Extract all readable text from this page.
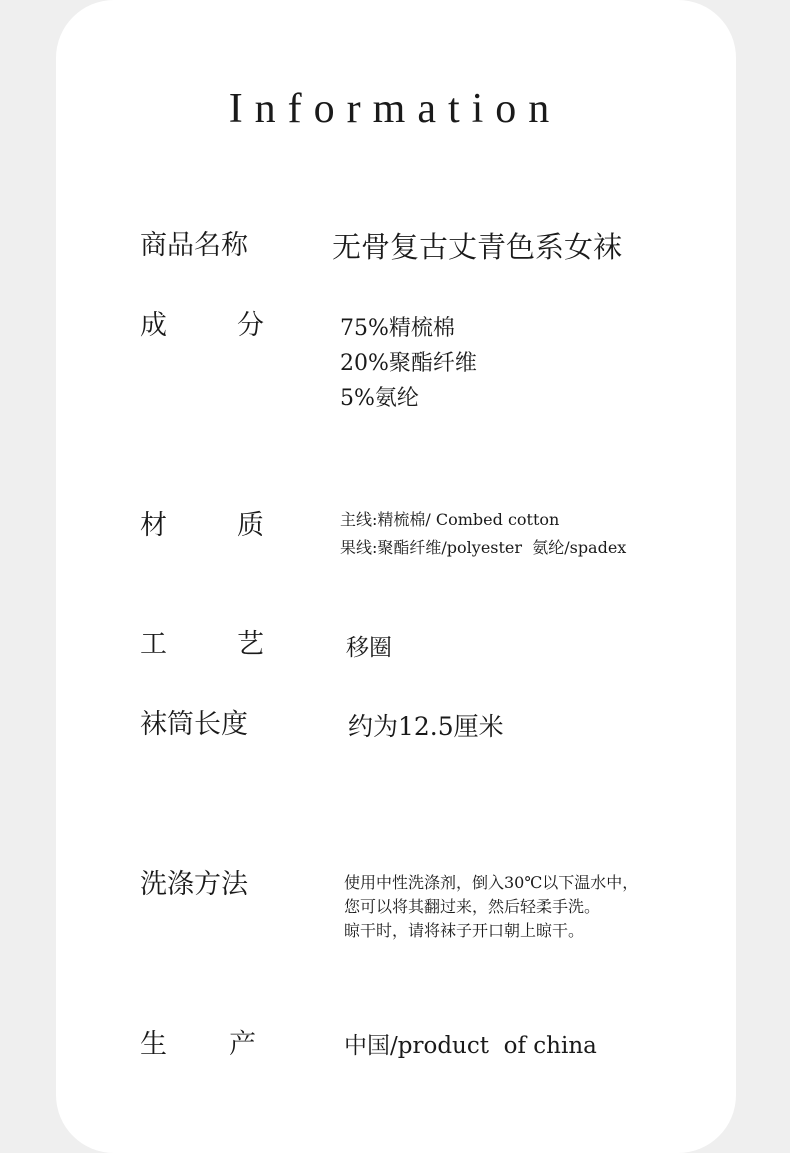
Information
商品名称	无骨复古丈青色系女袜
成	分	75%精梳棉
20%聚酯纤维
5%氨纶
材	质	主线:精梳棉/ Combed cotton
果线:聚酯纤维/polyester  氨纶/spadex
工	艺	移圈
袜筒长度	约为12.5厘米
洗涤方法	使用中性洗涤剂，倒入30℃以下温水中，
您可以将其翻过来，然后轻柔手洗。
晾干时，请将袜子开口朝上晾干。
生 产	中国/product  of china
